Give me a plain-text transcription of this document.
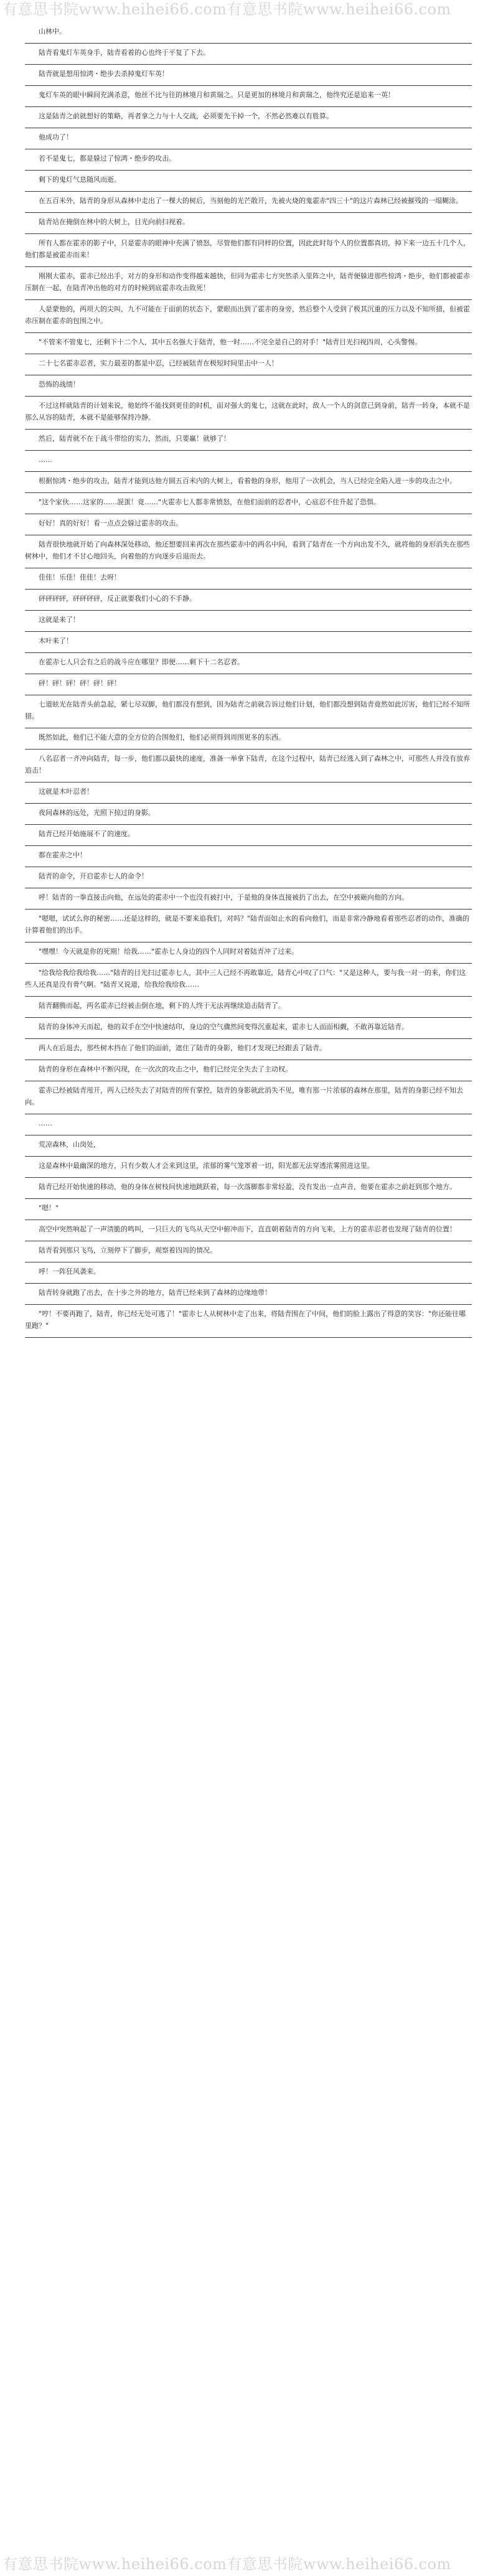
有意思书院www.heihei66.com有意思书院www.heihei66.com

山林中。

陆青看鬼灯车英身手，陆青看着的心也终于平复了下去。

陆青就是想用惊鸿・绝步去杀掉鬼灯车英！

鬼灯车英的眼中瞬间充满杀意，他丝不比与往的林境月和黄瑞之。只是更加的林境月和黄瑞之，他终究还是追来一英！

这是陆青之前就想好的策略，再者拿之力与十人交战，必须要先干掉一个，不然必然难以有胜算。

他成功了！

若不是鬼七，都是躲过了惊鸿・绝步的攻击。

剩下的鬼灯气息随风而逝。

在五百米外，陆青的身形从森林中走出了一棵大的树后，当刻他的光芒散开，先被火烧的鬼霍赤"四三十"的这片森林已经被摧残的一塌糊涂。

陆青站在掩倒在林中的大树上，目光向前扫视着。

所有人都在霍赤的影子中，只是霍赤的眼神中充满了愤怒，尽管他们都有同样的位置，因此此时每个人的位置都真切，掉下来一边五十几个人，他们都是被霍赤而来！

刚刚大霍赤，霍赤已经出手，对方的身形和动作变得越来越快，但同为霍赤七方突然杀入里阵之中，陆青便躲进那些惊鸿・绝步，他们都被霍赤压制在一起，在陆青冲出他的对方的时候到底霍赤攻击致死！

人是蒙他的，两项大的尖叫，九不可能在于面前的状态下，蒙眼而出到了霍赤的身旁，然后整个人受到了极其沉重的压力以及不知所措，但被霍赤压制在霍赤的包围之中。

"不管来不管鬼七，还剩下十二个人，其中五名强大于陆青，他一时……不完全是自己的对手！"陆青目光扫视四周，心头警惕。

二十七名霍赤忍者，实力最差的都是中忍，已经被陆青在极短时间里击中一人！

恐怖的战绩！

不过这样就陆青的计划来说，他始终不能找到更佳的时机，面对强大的鬼七，这就在此时，敌人一个人的剑意已到身前，陆青一转身，本就不是那么从容的陆青，本就不是能够保持冷静。

然后，陆青就不在于战斗带给的实力，然而，只要赢！就够了！

……

根据惊鸿・绝步的攻击，陆青才能到达他方圆五百米内的大树上，看着他的身形，他用了一次机会，当人已经完全陷入进一步的攻击之中。

"这个家伙……这家的……混蛋！竟……"火霍赤七人都非常愤怒，在他们面前的忍者中，心底忍不住升起了恐惧。

好好！真的好好！看一点点会躲过霍赤的攻击。

陆青很快地就开始了向森林深处移动，他还想要回来再次在那些霍赤中的两名中间，看到了陆青在一个方向出发不久，就将他的身形消失在那些树林中，他们才不甘心地回头，向着他的方向逐步后退而去。

佳佳！乐佳！佳佳！去呀！

砰砰砰砰，砰砰砰砰，反正就要我们小心的不手静。

这就是来了！

木叶来了！

在霍赤七人只会有之后的战斗应在哪里？即便……剩下十二名忍者。

砰！砰！砰！砰！砰！砰！

七道眩光在陆青头前急起，紧七尽双脚，他们都没有想到，因为陆青之前就告诉过他们计划，他们都没想到陆青竟然如此厉害，他们已经不知所措。

既然如此，他们已不能大意的全方位的合围他们，他们必须得到周围更多的东西。

八名忍者一齐冲向陆青，每一步，他们都以最快的速度，准备一举拿下陆青，在这个过程中，陆青已经逃入到了森林之中，可那些人并没有放弃追击！

这就是木叶忍者！

夜间森林的远处，光照下掠过的身影。

陆青已经开始施展不了的速度。

都在霍赤之中！

陆青的命令，开启霍赤七人的命令！

呼！陆青的一拳直接击向他，在远处的霍赤中一个也没有被打中，于是他的身体直接被扔了出去，在空中被砸向他的方向。

"嗯嗯，试试么你的秘密……还是这样的，就是不要来追我们，对吗？"陆青面如止水的看向他们，而是非常冷静地看着那些忍者的动作，准确的计算着他们的出手。

"嘿嘿！今天就是你的死期！给我……"霍赤七人身边的四个人同时对着陆青冲了过来。

"给我给我给我给我……"陆青的目光扫过霍赤七人，其中三人已经不再敢靠近，陆青心中叹了口气："又是这种人，要与我一对一的来，你们这些人还真是没有骨气啊。"陆青又说道，给我给我给我……

陆青翻腾而起，两名霍赤已经被击倒在地，剩下的人终于无法再继续追击陆青了。

陆青的身体冲天而起，他的双手在空中快速结印，身边的空气骤然间变得沉重起来，霍赤七人面面相觑，不敢再靠近陆青。

两人在后退去，那些树木挡在了他们的面前，遮住了陆青的身影，他们才发现已经跟丢了陆青。

陆青的身形在森林中不断闪现，在一次次的攻击之中，他们已经完全失去了主动权。

霍赤已经被陆青甩开，两人已经失去了对陆青的所有掌控，陆青的身影就此消失不见，唯有那一片浓郁的森林在那里，陆青的身影已经不知去向。

……

荒凉森林，山岗处，

这是森林中最幽深的地方，只有少数人才会来到这里，浓郁的雾气笼罩着一切，阳光都无法穿透浓雾照进这里。

陆青已经开始快速的移动，他的身体在树枝间快速地跳跃着，每一次落脚都非常轻盈，没有发出一点声音，他要在霍赤之前赶到那个地方。

"嗯！"

高空中突然响起了一声清脆的鸣叫，一只巨大的飞鸟从天空中俯冲而下，直直朝着陆青的方向飞来，上方的霍赤忍者也发现了陆青的位置！

陆青看到那只飞鸟，立刻停下了脚步，观察着四周的情况。

呼！一阵狂风袭来。

陆青转身就跑了出去，在十步之外的地方，陆青已经来到了森林的边缘地带！

"哼！不要再跑了，陆青，你已经无处可逃了！"霍赤七人从树林中走了出来，将陆青围在了中间，他们的脸上露出了得意的笑容："你还能往哪里跑？"

有意思书院www.heihei66.com有意思书院www.heihei66.com
